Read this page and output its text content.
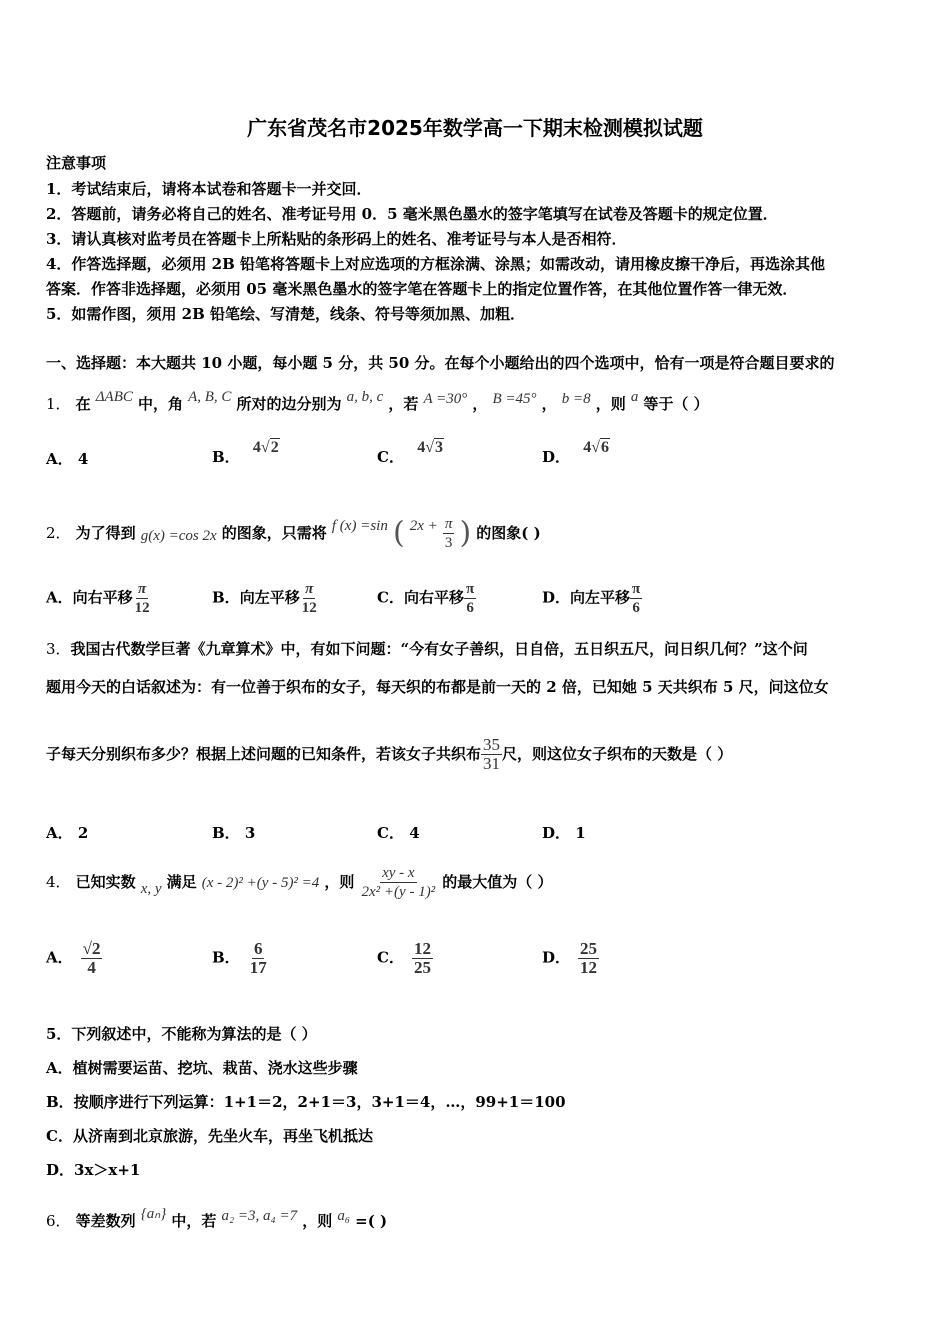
广东省茂名市2025年数学高一下期末检测模拟试题
注意事项
1．考试结束后，请将本试卷和答题卡一并交回．
2．答题前，请务必将自己的姓名、准考证号用 0．5 毫米黑色墨水的签字笔填写在试卷及答题卡的规定位置．
3．请认真核对监考员在答题卡上所粘贴的条形码上的姓名、准考证号与本人是否相符．
4．作答选择题，必须用 2B 铅笔将答题卡上对应选项的方框涂满、涂黑；如需改动，请用橡皮擦干净后，再选涂其他
答案．作答非选择题，必须用 05 毫米黑色墨水的签字笔在答题卡上的指定位置作答，在其他位置作答一律无效．
5．如需作图，须用 2B 铅笔绘、写清楚，线条、符号等须加黑、加粗．
一、选择题：本大题共 10 小题，每小题 5 分，共 50 分。在每个小题给出的四个选项中，恰有一项是符合题目要求的
1． 在 ΔABC 中，角 A, B, C 所对的边分别为 a, b, c ，若 A =30° ， B =45° ， b =8 ，则 a 等于（ ）
A． 4	B． 4√2
C． 4√3
D． 4√6
2． 为了得到 g(x) =cos 2x 的图象，只需将 f (x) =sin ( $2x + \frac{\pi}{3}$ ) 的图象( )
A．向右平移 $\frac{\pi}{12}$	B．向左平移 $\frac{\pi}{12}$	C．向右平移 $\frac{\pi}{6}$	D．向左平移 $\frac{\pi}{6}$
3．我国古代数学巨著《九章算术》中，有如下问题：“今有女子善织，日自倍，五日织五尺，问日织几何？”这个问
题用今天的白话叙述为：有一位善于织布的女子，每天织的布都是前一天的 2 倍，已知她 5 天共织布 5 尺，问这位女
子每天分别织布多少？根据上述问题的已知条件，若该女子共织布 $\frac{35}{31}$ 尺，则这位女子织布的天数是（ ）
A． 2	B． 3	C． 4	D． 1
4． 已知实数 x, y 满足 (x - 2)² +(y - 5)² =4 ，则 $\frac{xy - x}{\text{2x² +(y - 1)²}}$ 的最大值为（ ）
A． $\frac{√2}{4}$	B． $\frac{6}{17}$	C． $\frac{12}{25}$	D． $\frac{25}{12}$
5．下列叙述中，不能称为算法的是（ ）
A．植树需要运苗、挖坑、栽苗、浇水这些步骤
B．按顺序进行下列运算：1+1＝2，2+1＝3，3+1＝4，…，99+1＝100
C．从济南到北京旅游，先坐火车，再坐飞机抵达
D．3x＞x+1
6． 等差数列 {aₙ} 中，若 a₂ =3, a₄ =7 ，则 a₆ =( )
